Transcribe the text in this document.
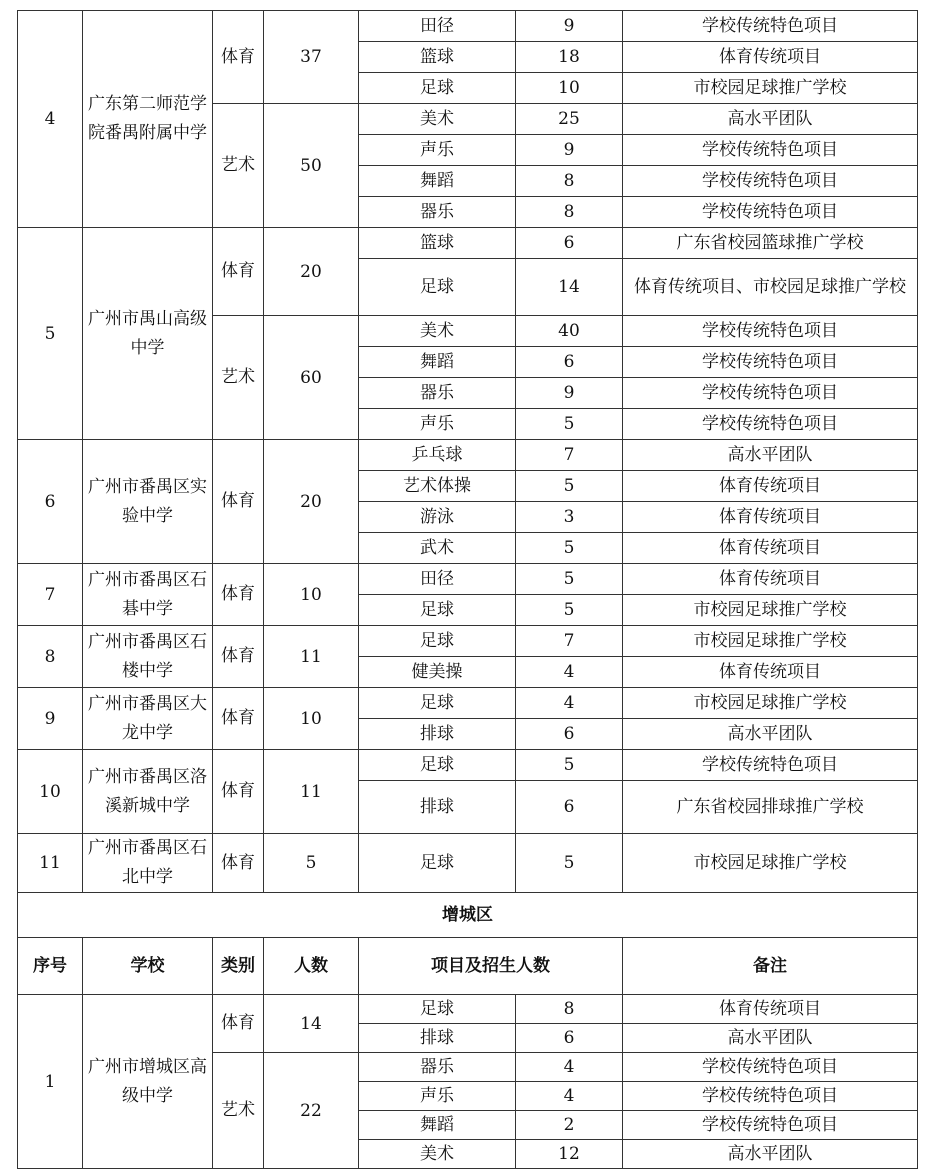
4	广东第二师范学院番禺附属中学	体育	37	田径	9	学校传统特色项目
				篮球	18	体育传统项目
				足球	10	市校园足球推广学校
		艺术	50	美术	25	高水平团队
				声乐	9	学校传统特色项目
				舞蹈	8	学校传统特色项目
				器乐	8	学校传统特色项目
5	广州市禺山高级中学	体育	20	篮球	6	广东省校园篮球推广学校
				足球	14	体育传统项目、市校园足球推广学校
		艺术	60	美术	40	学校传统特色项目
				舞蹈	6	学校传统特色项目
				器乐	9	学校传统特色项目
				声乐	5	学校传统特色项目
6	广州市番禺区实验中学	体育	20	乒乓球	7	高水平团队
				艺术体操	5	体育传统项目
				游泳	3	体育传统项目
				武术	5	体育传统项目
7	广州市番禺区石碁中学	体育	10	田径	5	体育传统项目
				足球	5	市校园足球推广学校
8	广州市番禺区石楼中学	体育	11	足球	7	市校园足球推广学校
				健美操	4	体育传统项目
9	广州市番禺区大龙中学	体育	10	足球	4	市校园足球推广学校
				排球	6	高水平团队
10	广州市番禺区洛溪新城中学	体育	11	足球	5	学校传统特色项目
				排球	6	广东省校园排球推广学校
11	广州市番禺区石北中学	体育	5	足球	5	市校园足球推广学校
增城区						
序号	学校	类别	人数	项目及招生人数		备注
1	广州市增城区高级中学	体育	14	足球	8	体育传统项目
				排球	6	高水平团队
		艺术	22	器乐	4	学校传统特色项目
				声乐	4	学校传统特色项目
				舞蹈	2	学校传统特色项目
				美术	12	高水平团队
